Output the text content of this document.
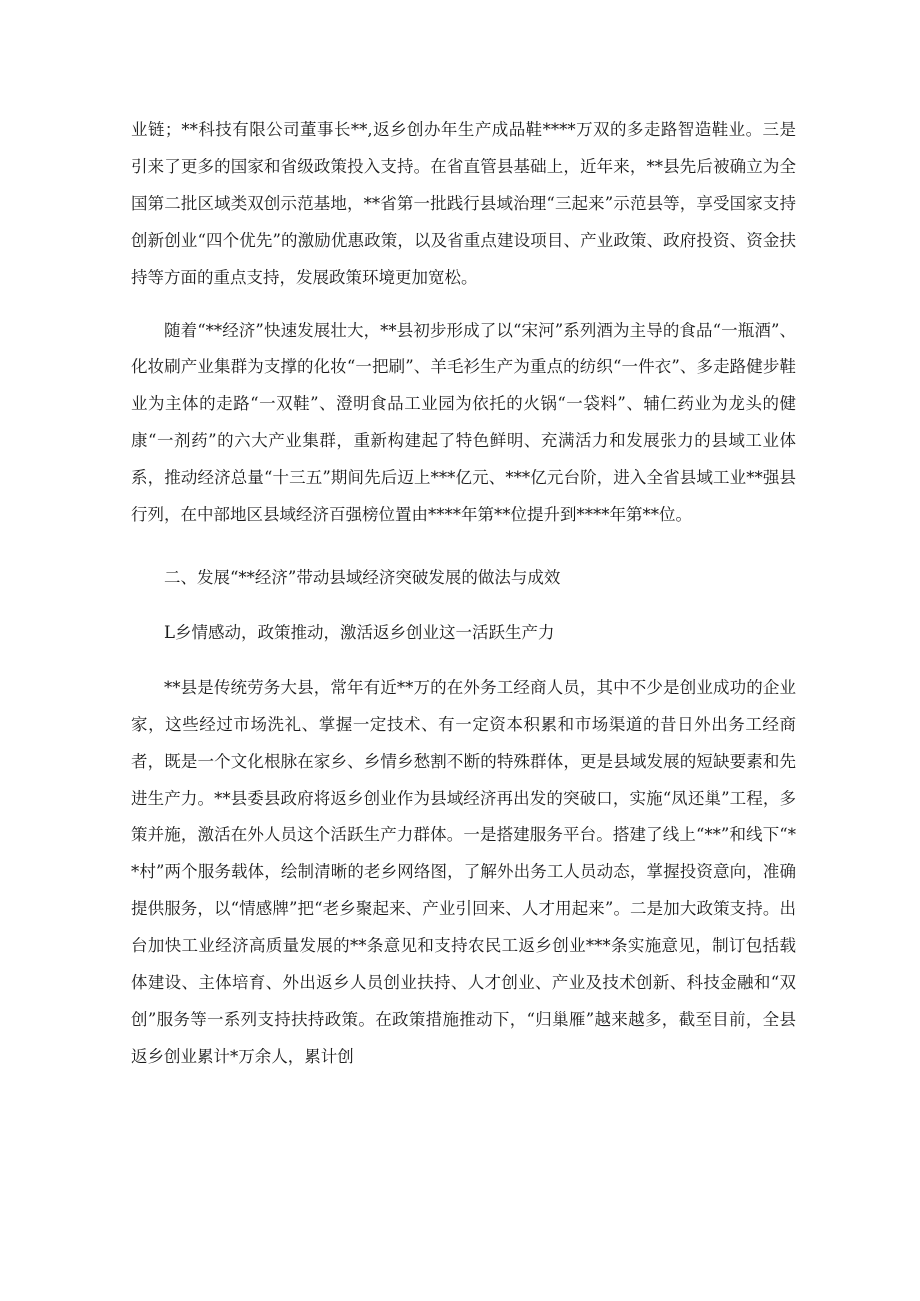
业链；**科技有限公司董事长**,返乡创办年生产成品鞋****万双的多走路智造鞋业。三是引来了更多的国家和省级政策投入支持。在省直管县基础上，近年来，**县先后被确立为全国第二批区域类双创示范基地，**省第一批践行县域治理“三起来”示范县等，享受国家支持创新创业“四个优先”的激励优惠政策，以及省重点建设项目、产业政策、政府投资、资金扶持等方面的重点支持，发展政策环境更加宽松。

随着“**经济”快速发展壮大，**县初步形成了以“宋河”系列酒为主导的食品“一瓶酒”、化妆刷产业集群为支撑的化妆“一把刷”、羊毛衫生产为重点的纺织“一件衣”、多走路健步鞋业为主体的走路“一双鞋”、澄明食品工业园为依托的火锅“一袋料”、辅仁药业为龙头的健康“一剂药”的六大产业集群，重新构建起了特色鲜明、充满活力和发展张力的县域工业体系，推动经济总量“十三五”期间先后迈上***亿元、***亿元台阶，进入全省县域工业**强县行列，在中部地区县域经济百强榜位置由****年第**位提升到****年第**位。

二、发展“**经济”带动县域经济突破发展的做法与成效

L乡情感动，政策推动，激活返乡创业这一活跃生产力

**县是传统劳务大县，常年有近**万的在外务工经商人员，其中不少是创业成功的企业家，这些经过市场洗礼、掌握一定技术、有一定资本积累和市场渠道的昔日外出务工经商者，既是一个文化根脉在家乡、乡情乡愁割不断的特殊群体，更是县域发展的短缺要素和先进生产力。**县委县政府将返乡创业作为县域经济再出发的突破口，实施“凤还巢”工程，多策并施，激活在外人员这个活跃生产力群体。一是搭建服务平台。搭建了线上“**”和线下“**村”两个服务载体，绘制清晰的老乡网络图，了解外出务工人员动态，掌握投资意向，准确提供服务，以“情感牌”把“老乡聚起来、产业引回来、人才用起来”。二是加大政策支持。出台加快工业经济高质量发展的**条意见和支持农民工返乡创业***条实施意见，制订包括载体建设、主体培育、外出返乡人员创业扶持、人才创业、产业及技术创新、科技金融和“双创”服务等一系列支持扶持政策。在政策措施推动下，“归巢雁”越来越多，截至目前，全县返乡创业累计*万余人，累计创
